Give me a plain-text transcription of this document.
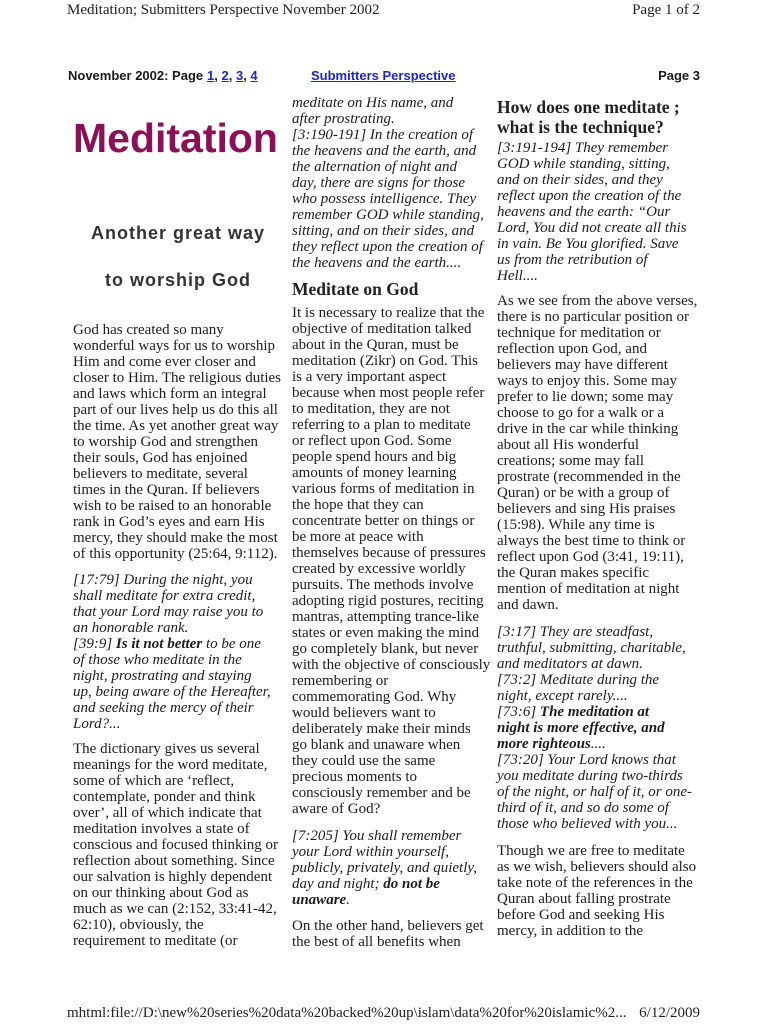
Meditation; Submitters Perspective November 2002	Page 1 of 2
November 2002: Page 1, 2, 3, 4	Submitters Perspective	Page 3
Meditation
Another great way
to worship God
God has created so many
wonderful ways for us to worship
Him and come ever closer and
closer to Him. The religious duties
and laws which form an integral
part of our lives help us do this all
the time. As yet another great way
to worship God and strengthen
their souls, God has enjoined
believers to meditate, several
times in the Quran. If believers
wish to be raised to an honorable
rank in God’s eyes and earn His
mercy, they should make the most
of this opportunity (25:64, 9:112).
[17:79] During the night, you
shall meditate for extra credit,
that your Lord may raise you to
an honorable rank.
[39:9] Is it not better to be one
of those who meditate in the
night, prostrating and staying
up, being aware of the Hereafter,
and seeking the mercy of their
Lord?...
The dictionary gives us several
meanings for the word meditate,
some of which are ‘reflect,
contemplate, ponder and think
over’, all of which indicate that
meditation involves a state of
conscious and focused thinking or
reflection about something. Since
our salvation is highly dependent
on our thinking about God as
much as we can (2:152, 33:41-42,
62:10), obviously, the
requirement to meditate (or
meditate on His name, and
after prostrating.
[3:190-191] In the creation of
the heavens and the earth, and
the alternation of night and
day, there are signs for those
who possess intelligence. They
remember GOD while standing,
sitting, and on their sides, and
they reflect upon the creation of
the heavens and the earth....
Meditate on God
It is necessary to realize that the
objective of meditation talked
about in the Quran, must be
meditation (Zikr) on God. This
is a very important aspect
because when most people refer
to meditation, they are not
referring to a plan to meditate
or reflect upon God. Some
people spend hours and big
amounts of money learning
various forms of meditation in
the hope that they can
concentrate better on things or
be more at peace with
themselves because of pressures
created by excessive worldly
pursuits. The methods involve
adopting rigid postures, reciting
mantras, attempting trance-like
states or even making the mind
go completely blank, but never
with the objective of consciously
remembering or
commemorating God. Why
would believers want to
deliberately make their minds
go blank and unaware when
they could use the same
precious moments to
consciously remember and be
aware of God?
[7:205] You shall remember
your Lord within yourself,
publicly, privately, and quietly,
day and night; do not be
unaware.
On the other hand, believers get
the best of all benefits when
How does one meditate ;
what is the technique?
[3:191-194] They remember
GOD while standing, sitting,
and on their sides, and they
reflect upon the creation of the
heavens and the earth: “Our
Lord, You did not create all this
in vain. Be You glorified. Save
us from the retribution of
Hell....
As we see from the above verses,
there is no particular position or
technique for meditation or
reflection upon God, and
believers may have different
ways to enjoy this. Some may
prefer to lie down; some may
choose to go for a walk or a
drive in the car while thinking
about all His wonderful
creations; some may fall
prostrate (recommended in the
Quran) or be with a group of
believers and sing His praises
(15:98). While any time is
always the best time to think or
reflect upon God (3:41, 19:11),
the Quran makes specific
mention of meditation at night
and dawn.
[3:17] They are steadfast,
truthful, submitting, charitable,
and meditators at dawn.
[73:2] Meditate during the
night, except rarely....
[73:6] The meditation at
night is more effective, and
more righteous....
[73:20] Your Lord knows that
you meditate during two-thirds
of the night, or half of it, or one-
third of it, and so do some of
those who believed with you...
Though we are free to meditate
as we wish, believers should also
take note of the references in the
Quran about falling prostrate
before God and seeking His
mercy, in addition to the
mhtml:file://D:\new%20series%20data%20backed%20up\islam\data%20for%20islamic%2... 6/12/2009
